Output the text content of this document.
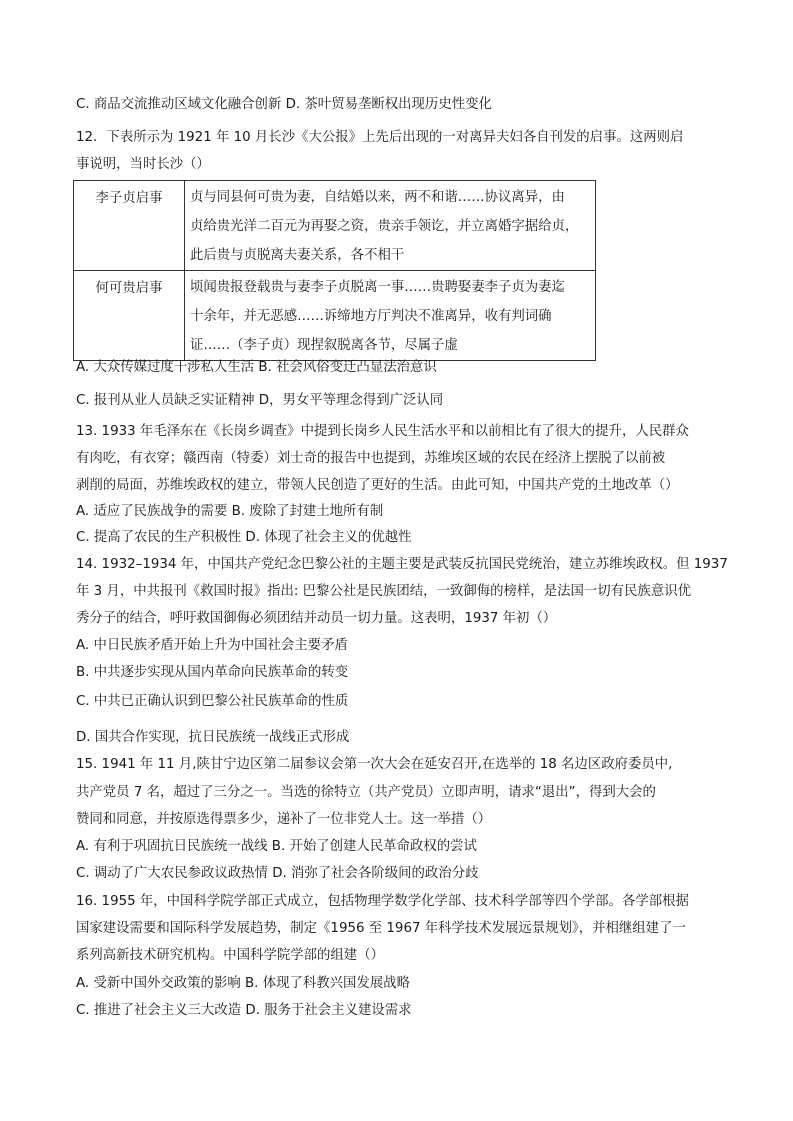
C. 商品交流推动区域文化融合创新 D. 茶叶贸易垄断权出现历史性变化
12．下表所示为 1921 年 10 月长沙《大公报》上先后出现的一对离异夫妇各自刊发的启事。这两则启
事说明，当时长沙（）
李子贞启事	贞与同县何可贵为妻，自结婚以来，两不和谐……协议离异，由
贞给贵光洋二百元为再娶之资，贵亲手领讫，并立离婚字据给贞，
此后贵与贞脱离夫妻关系，各不相干

何可贵启事	顷闻贵报登载贵与妻李子贞脱离一事……贵聘娶妻李子贞为妻迄
十余年，并无恶感……诉缔地方厅判决不准离异，收有判词确
证……（李子贞）现捏叙脱离各节，尽属子虚
A. 大众传媒过度干涉私人生活 B. 社会风俗变迁凸显法治意识
C. 报刊从业人员缺乏实证精神 D，男女平等理念得到广泛认同
13. 1933 年毛泽东在《长岗乡调查》中提到长岗乡人民生活水平和以前相比有了很大的提升，人民群众
有肉吃，有衣穿；赣西南（特委）刘士奇的报告中也提到，苏维埃区域的农民在经济上摆脱了以前被
剥削的局面，苏维埃政权的建立，带领人民创造了更好的生活。由此可知，中国共产党的土地改革（）
A. 适应了民族战争的需要 B. 废除了封建土地所有制
C. 提高了农民的生产积极性 D. 体现了社会主义的优越性
14. 1932–1934 年，中国共产党纪念巴黎公社的主题主要是武装反抗国民党统治，建立苏维埃政权。但 1937
年 3 月，中共报刊《救国时报》指出: 巴黎公社是民族团结，一致御侮的榜样，是法国一切有民族意识优
秀分子的结合，呼吁救国御侮必须团结并动员一切力量。这表明，1937 年初（）
A. 中日民族矛盾开始上升为中国社会主要矛盾
B. 中共逐步实现从国内革命向民族革命的转变
C. 中共已正确认识到巴黎公社民族革命的性质
D. 国共合作实现，抗日民族统一战线正式形成
15. 1941 年 11 月,陕甘宁边区第二届参议会第一次大会在延安召开,在选举的 18 名边区政府委员中,
共产党员 7 名，超过了三分之一。当选的徐特立（共产党员）立即声明，请求“退出”，得到大会的
赞同和同意，并按原选得票多少，递补了一位非党人士。这一举措（）
A. 有利于巩固抗日民族统一战线 B. 开始了创建人民革命政权的尝试
C. 调动了广大农民参政议政热情 D. 消弥了社会各阶级间的政治分歧
16. 1955 年，中国科学院学部正式成立，包括物理学数学化学部、技术科学部等四个学部。各学部根据
国家建设需要和国际科学发展趋势，制定《1956 至 1967 年科学技术发展远景规划》，并相继组建了一
系列高新技术研究机构。中国科学院学部的组建（）
A. 受新中国外交政策的影响 B. 体现了科教兴国发展战略
C. 推进了社会主义三大改造 D. 服务于社会主义建设需求
